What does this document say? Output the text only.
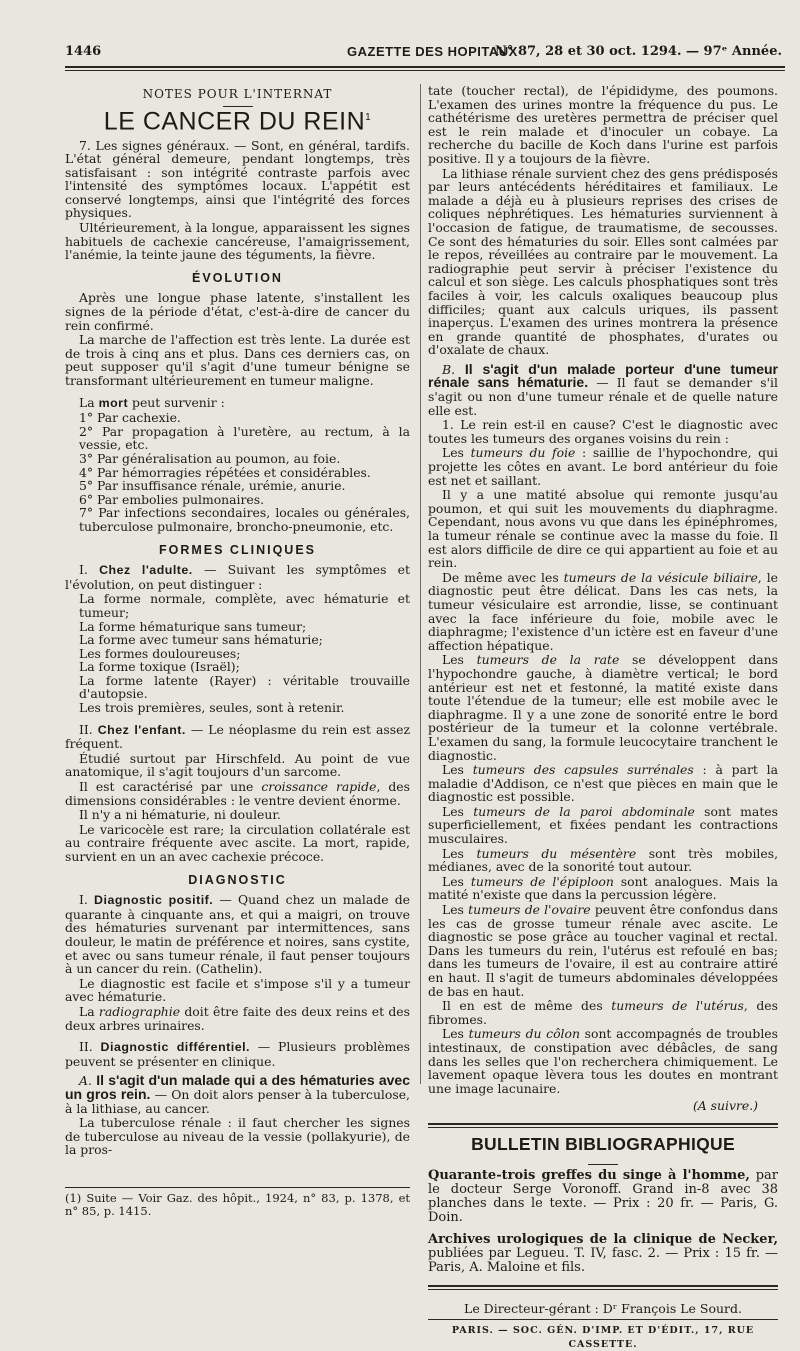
1446	GAZETTE DES HOPITAUX
N° 87, 28 et 30 oct. 1294. — 97ᵉ Année.
NOTES POUR L'INTERNAT
LE CANCER DU REIN$^1$

7. Les signes généraux. — Sont, en général, tardifs. L'état général demeure, pendant longtemps, très satisfaisant : son intégrité contraste parfois avec l'intensité des symptômes locaux. L'appétit est conservé longtemps, ainsi que l'intégrité des forces physiques.

Ultérieurement, à la longue, apparaissent les signes habituels de cachexie cancéreuse, l'amaigrissement, l'anémie, la teinte jaune des téguments, la fièvre.

ÉVOLUTION

Après une longue phase latente, s'installent les signes de la période d'état, c'est-à-dire de cancer du rein confirmé.

La marche de l'affection est très lente. La durée est de trois à cinq ans et plus. Dans ces derniers cas, on peut supposer qu'il s'agit d'une tumeur bénigne se transformant ultérieurement en tumeur maligne.

La mort peut survenir :

1° Par cachexie.
2° Par propagation à l'uretère, au rectum, à la vessie, etc.
3° Par généralisation au poumon, au foie.
4° Par hémorragies répétées et considérables.
5° Par insuffisance rénale, urémie, anurie.
6° Par embolies pulmonaires.
7° Par infections secondaires, locales ou générales, tuberculose pulmonaire, broncho-pneumonie, etc.
FORMES CLINIQUES

I. Chez l'adulte. — Suivant les symptômes et l'évolution, on peut distinguer :

La forme normale, complète, avec hématurie et tumeur;
La forme hématurique sans tumeur;
La forme avec tumeur sans hématurie;
Les formes douloureuses;
La forme toxique (Israël);
La forme latente (Rayer) : véritable trouvaille d'autopsie.
Les trois premières, seules, sont à retenir.

II. Chez l'enfant. — Le néoplasme du rein est assez fréquent.

Étudié surtout par Hirschfeld. Au point de vue anatomique, il s'agit toujours d'un sarcome.

Il est caractérisé par une croissance rapide, des dimensions considérables : le ventre devient énorme.

Il n'y a ni hématurie, ni douleur.

Le varicocèle est rare; la circulation collatérale est au contraire fréquente avec ascite. La mort, rapide, survient en un an avec cachexie précoce.

DIAGNOSTIC

I. Diagnostic positif. — Quand chez un malade de quarante à cinquante ans, et qui a maigri, on trouve des hématuries survenant par intermittences, sans douleur, le matin de préférence et noires, sans cystite, et avec ou sans tumeur rénale, il faut penser toujours à un cancer du rein. (Cathelin).

Le diagnostic est facile et s'impose s'il y a tumeur avec hématurie.

La radiographie doit être faite des deux reins et des deux arbres urinaires.

II. Diagnostic différentiel. — Plusieurs problèmes peuvent se présenter en clinique.

A. Il s'agit d'un malade qui a des hématuries avec un gros rein. — On doit alors penser à la tuberculose, à la lithiase, au cancer.

La tuberculose rénale : il faut chercher les signes de tuberculose au niveau de la vessie (pollakyurie), de la pros-

(1) Suite — Voir Gaz. des hôpit., 1924, n° 83, p. 1378, et n° 85, p. 1415.

tate (toucher rectal), de l'épididyme, des poumons. L'examen des urines montre la fréquence du pus. Le cathétérisme des uretères permettra de préciser quel est le rein malade et d'inoculer un cobaye. La recherche du bacille de Koch dans l'urine est parfois positive. Il y a toujours de la fièvre.

La lithiase rénale survient chez des gens prédisposés par leurs antécédents héréditaires et familiaux. Le malade a déjà eu à plusieurs reprises des crises de coliques néphrétiques. Les hématuries surviennent à l'occasion de fatigue, de traumatisme, de secousses. Ce sont des hématuries du soir. Elles sont calmées par le repos, réveillées au contraire par le mouvement. La radiographie peut servir à préciser l'existence du calcul et son siège. Les calculs phosphatiques sont très faciles à voir, les calculs oxaliques beaucoup plus difficiles; quant aux calculs uriques, ils passent inaperçus. L'examen des urines montrera la présence en grande quantité de phosphates, d'urates ou d'oxalate de chaux.

B. Il s'agit d'un malade porteur d'une tumeur rénale sans hématurie. — Il faut se demander s'il s'agit ou non d'une tumeur rénale et de quelle nature elle est.

1. Le rein est-il en cause? C'est le diagnostic avec toutes les tumeurs des organes voisins du rein :

Les tumeurs du foie : saillie de l'hypochondre, qui projette les côtes en avant. Le bord antérieur du foie est net et saillant.

Il y a une matité absolue qui remonte jusqu'au poumon, et qui suit les mouvements du diaphragme. Cependant, nous avons vu que dans les épinéphromes, la tumeur rénale se continue avec la masse du foie. Il est alors difficile de dire ce qui appartient au foie et au rein.

De même avec les tumeurs de la vésicule biliaire, le diagnostic peut être délicat. Dans les cas nets, la tumeur vésiculaire est arrondie, lisse, se continuant avec la face inférieure du foie, mobile avec le diaphragme; l'existence d'un ictère est en faveur d'une affection hépatique.

Les tumeurs de la rate se développent dans l'hypochondre gauche, à diamètre vertical; le bord antérieur est net et festonné, la matité existe dans toute l'étendue de la tumeur; elle est mobile avec le diaphragme. Il y a une zone de sonorité entre le bord postérieur de la tumeur et la colonne vertébrale. L'examen du sang, la formule leucocytaire tranchent le diagnostic.

Les tumeurs des capsules surrénales : à part la maladie d'Addison, ce n'est que pièces en main que le diagnostic est possible.

Les tumeurs de la paroi abdominale sont mates superficiellement, et fixées pendant les contractions musculaires.

Les tumeurs du mésentère sont très mobiles, médianes, avec de la sonorité tout autour.

Les tumeurs de l'épiploon sont analogues. Mais la matité n'existe que dans la percussion légère.

Les tumeurs de l'ovaire peuvent être confondus dans les cas de grosse tumeur rénale avec ascite. Le diagnostic se pose grâce au toucher vaginal et rectal. Dans les tumeurs du rein, l'utérus est refoulé en bas; dans les tumeurs de l'ovaire, il est au contraire attiré en haut. Il s'agit de tumeurs abdominales développées de bas en haut.

Il en est de même des tumeurs de l'utérus, des fibromes.

Les tumeurs du côlon sont accompagnés de troubles intestinaux, de constipation avec débâcles, de sang dans les selles que l'on recherchera chimiquement. Le lavement opaque lèvera tous les doutes en montrant une image lacunaire.

(A suivre.)
BULLETIN BIBLIOGRAPHIQUE

Quarante-trois greffes du singe à l'homme, par le docteur Serge Voronoff. Grand in-8 avec 38 planches dans le texte. — Prix : 20 fr. — Paris, G. Doin.

Archives urologiques de la clinique de Necker, publiées par Legueu. T. IV, fasc. 2. — Prix : 15 fr. — Paris, A. Maloine et fils.

Le Directeur-gérant : Dʳ François Le Sourd.
PARIS. — SOC. GÉN. D'IMP. ET D'ÉDIT., 17, RUE CASSETTE.
